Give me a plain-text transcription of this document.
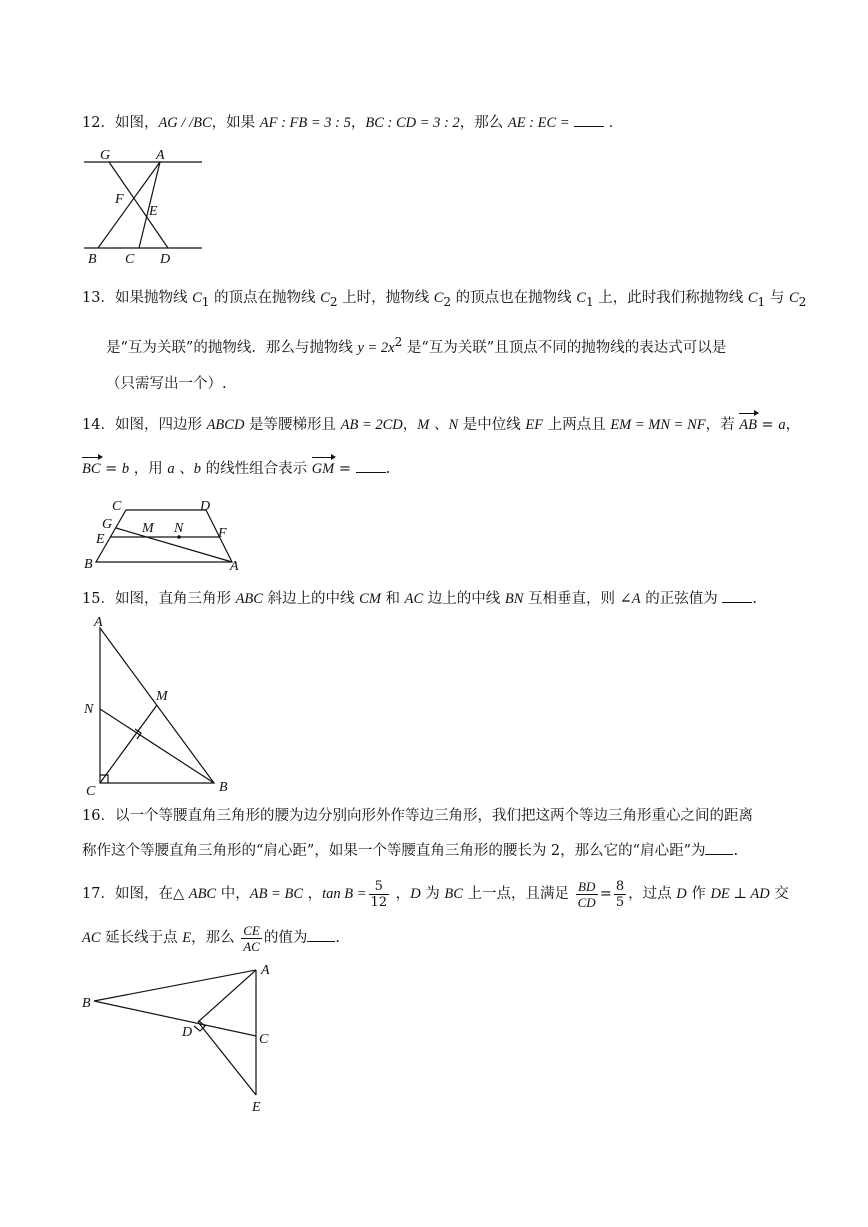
12．如图，AG / /BC，如果 AF : FB = 3 : 5，BC : CD = 3 : 2，那么 AE : EC =	．
G	A
F
E
B C D
13．如果抛物线 $C_1$ 的顶点在抛物线 $C_2$ 上时，抛物线 $C_2$ 的顶点也在抛物线 $C_1$ 上，此时我们称抛物线 $C_1$ 与 $C_2$
是“互为关联”的抛物线．那么与抛物线 $y = 2x^2$ 是“互为关联”且顶点不同的抛物线的表达式可以是
（只需写出一个）.
14．如图，四边形 ABCD 是等腰梯形且 AB = 2CD，M 、N 是中位线 EF 上两点且 EM = MN = NF，若 AB = a，
BC = b ，用 a 、b 的线性组合表示 GM = .
C	D
G M N
E	F
B	A
15．如图，直角三角形 ABC 斜边上的中线 CM 和 AC 边上的中线 BN 互相垂直，则 ∠A 的正弦值为 .
A
N
M
C	B
16．以一个等腰直角三角形的腰为边分别向形外作等边三角形，我们把这两个等边三角形重心之间的距离
称作这个等腰直角三角形的“肩心距”，如果一个等腰直角三角形的腰长为 2，那么它的“肩心距”为 .
17．如图，在△ ABC 中，AB = BC ，$\tan B = \frac{5}{12}$ ，D 为 BC 上一点，且满足 $\frac{BD}{CD} = \frac{8}{5}$ ，过点 D 作 DE ⊥ AD 交
AC 延长线于点 E，那么 $\frac{CE}{AC}$ 的值为 .
A
B
D	C
E
